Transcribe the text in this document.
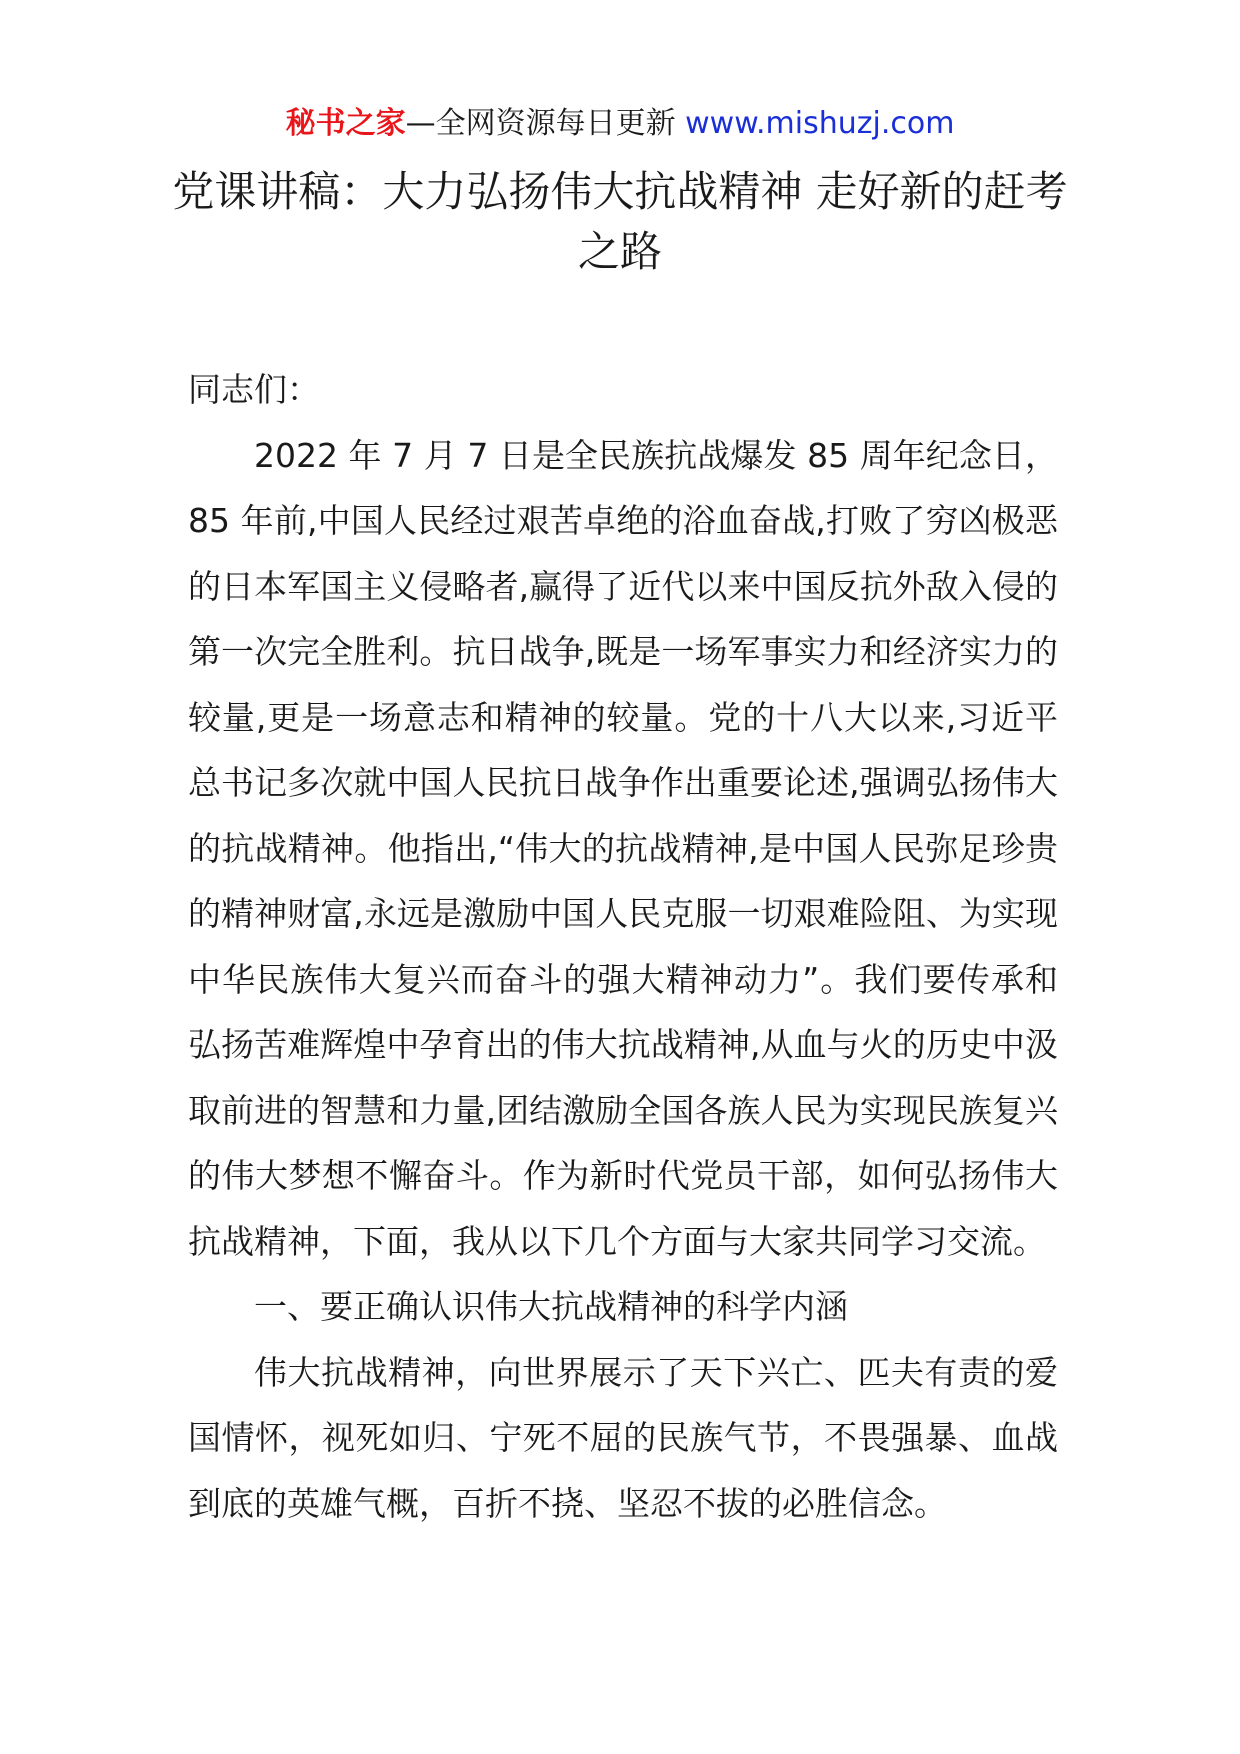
秘书之家—全网资源每日更新 www.mishuzj.com
党课讲稿：大力弘扬伟大抗战精神 走好新的赶考之路

同志们：

2022 年 7 月 7 日是全民族抗战爆发 85 周年纪念日，85 年前,中国人民经过艰苦卓绝的浴血奋战,打败了穷凶极恶的日本军国主义侵略者,赢得了近代以来中国反抗外敌入侵的第一次完全胜利。抗日战争,既是一场军事实力和经济实力的较量,更是一场意志和精神的较量。党的十八大以来,习近平总书记多次就中国人民抗日战争作出重要论述,强调弘扬伟大的抗战精神。他指出,“伟大的抗战精神,是中国人民弥足珍贵的精神财富,永远是激励中国人民克服一切艰难险阻、为实现中华民族伟大复兴而奋斗的强大精神动力”。我们要传承和弘扬苦难辉煌中孕育出的伟大抗战精神,从血与火的历史中汲取前进的智慧和力量,团结激励全国各族人民为实现民族复兴的伟大梦想不懈奋斗。作为新时代党员干部，如何弘扬伟大抗战精神，下面，我从以下几个方面与大家共同学习交流。

一、要正确认识伟大抗战精神的科学内涵

伟大抗战精神，向世界展示了天下兴亡、匹夫有责的爱国情怀，视死如归、宁死不屈的民族气节，不畏强暴、血战到底的英雄气概，百折不挠、坚忍不拔的必胜信念。
